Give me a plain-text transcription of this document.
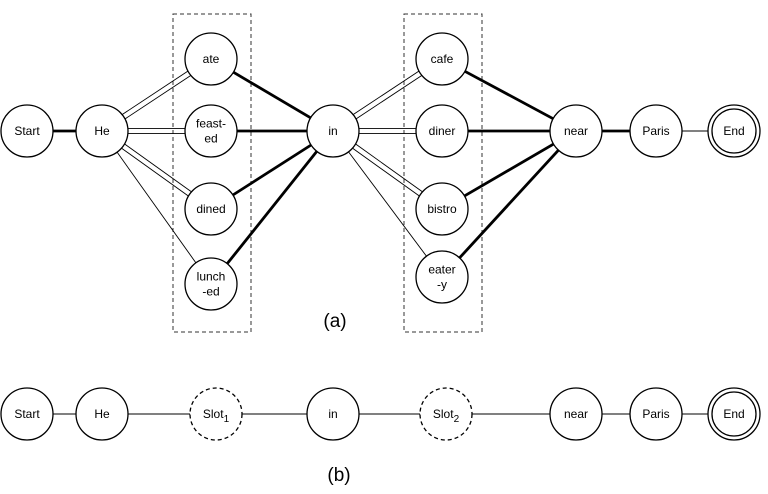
Start	He
ate
feast-ed
dined
lunch -ed
in
cafe
diner
bistro
eater -y
near	Paris	End
Start	He	Slot$_1$	in	Slot$_2$	near	Paris	End
(a)
(b)
